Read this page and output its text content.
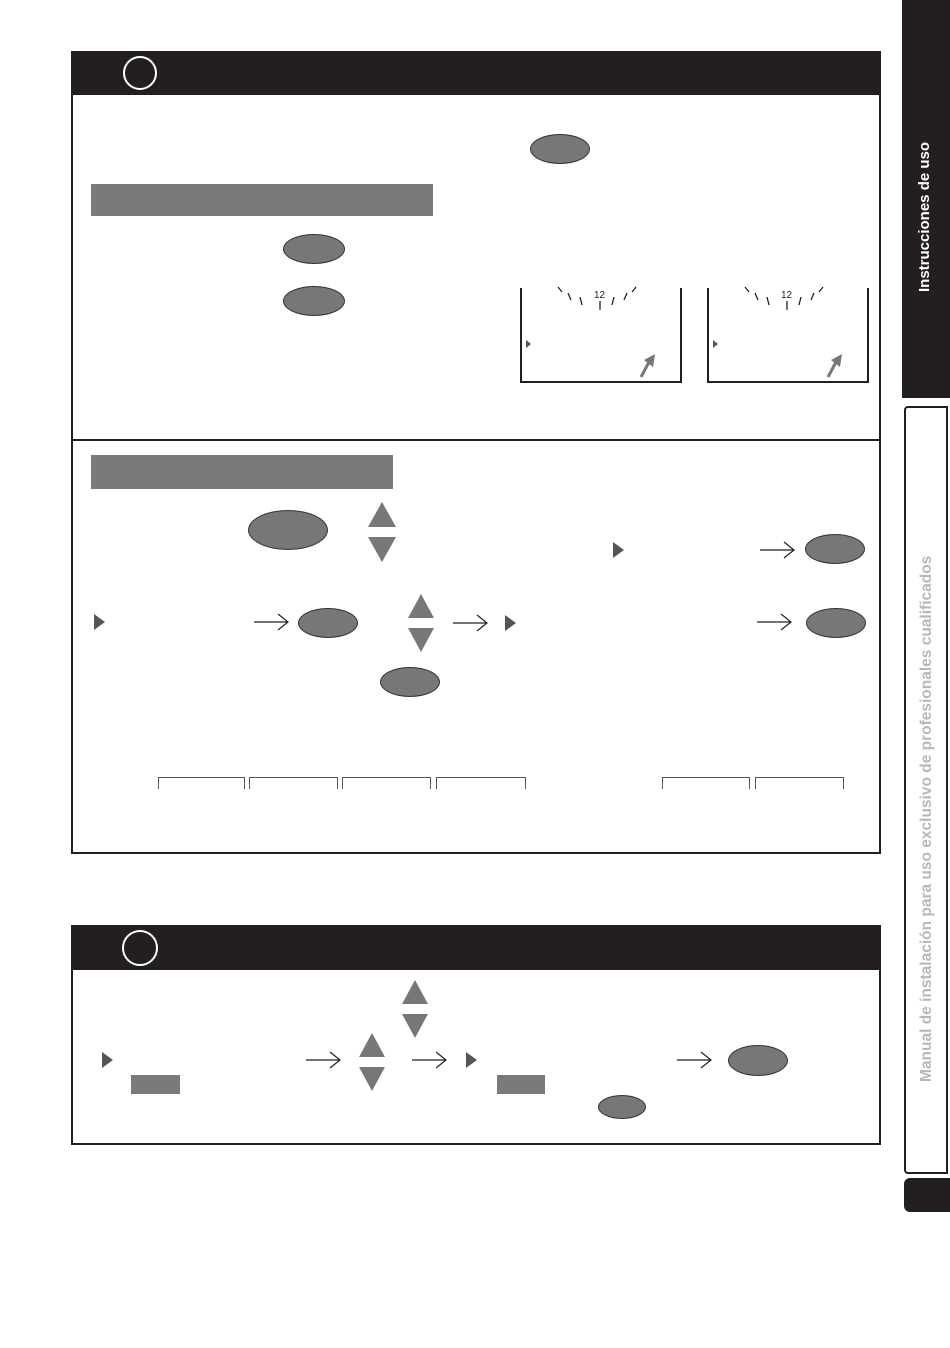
Instrucciones de uso
Manual de instalación para uso exclusivo de profesionales cualificados
12	12
